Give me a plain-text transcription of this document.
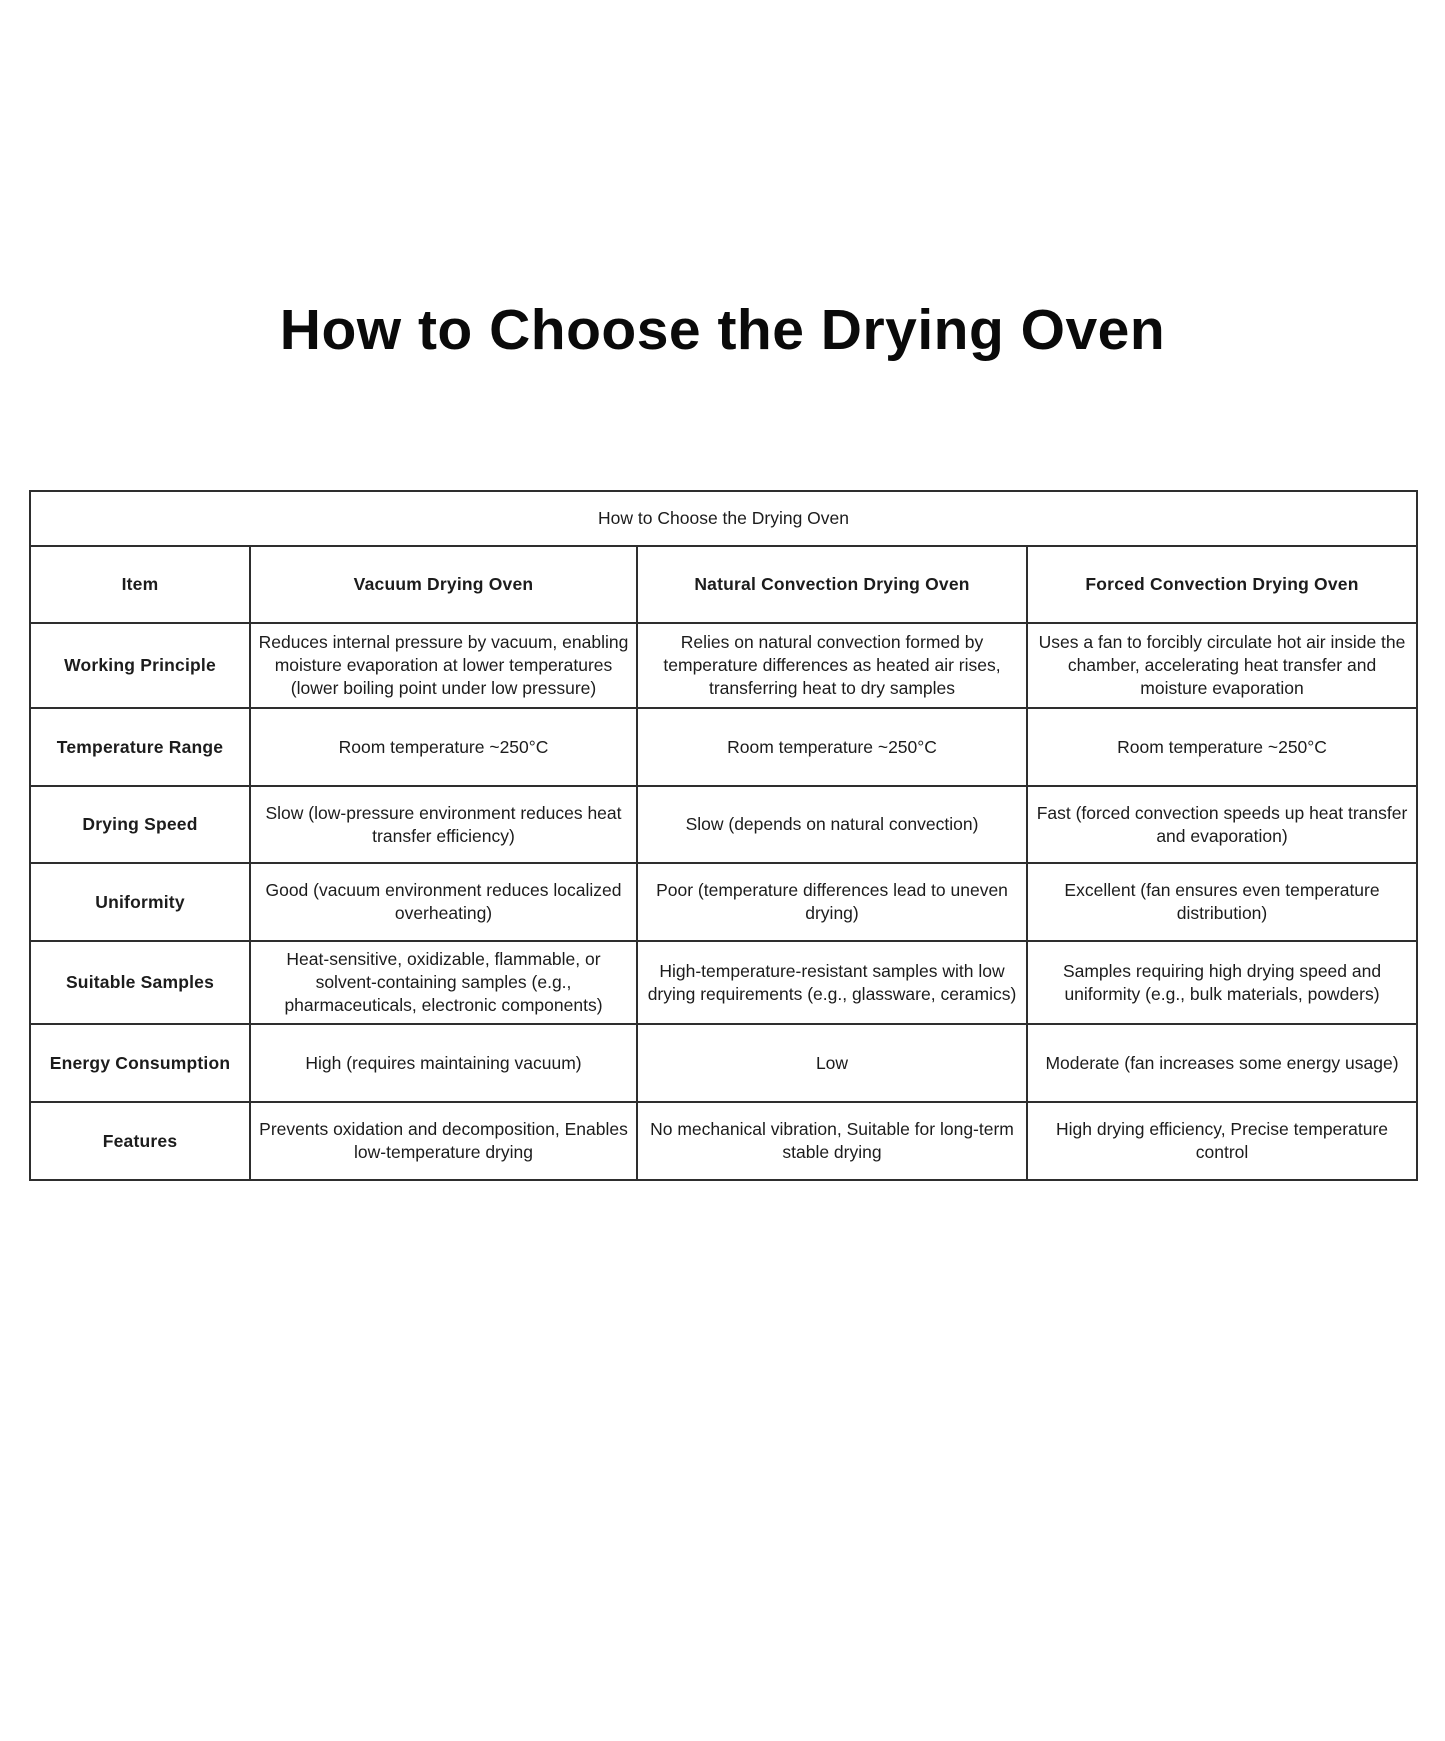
How to Choose the Drying Oven
How to Choose the Drying Oven			
Item	Vacuum Drying Oven	Natural Convection Drying Oven	Forced Convection Drying Oven
Working Principle	Reduces internal pressure by vacuum, enabling moisture evaporation at lower temperatures (lower boiling point under low pressure)	Relies on natural convection formed by temperature differences as heated air rises, transferring heat to dry samples	Uses a fan to forcibly circulate hot air inside the chamber, accelerating heat transfer and moisture evaporation
Temperature Range	Room temperature ~250°C	Room temperature ~250°C	Room temperature ~250°C
Drying Speed	Slow (low-pressure environment reduces heat transfer efficiency)	Slow (depends on natural convection)	Fast (forced convection speeds up heat transfer and evaporation)
Uniformity	Good (vacuum environment reduces localized overheating)	Poor (temperature differences lead to uneven drying)	Excellent (fan ensures even temperature distribution)
Suitable Samples	Heat-sensitive, oxidizable, flammable, or solvent-containing samples (e.g., pharmaceuticals, electronic components)	High-temperature-resistant samples with low drying requirements (e.g., glassware, ceramics)	Samples requiring high drying speed and uniformity (e.g., bulk materials, powders)
Energy Consumption	High (requires maintaining vacuum)	Low	Moderate (fan increases some energy usage)
Features	Prevents oxidation and decomposition, Enables low-temperature drying	No mechanical vibration, Suitable for long-term stable drying	High drying efficiency, Precise temperature control
